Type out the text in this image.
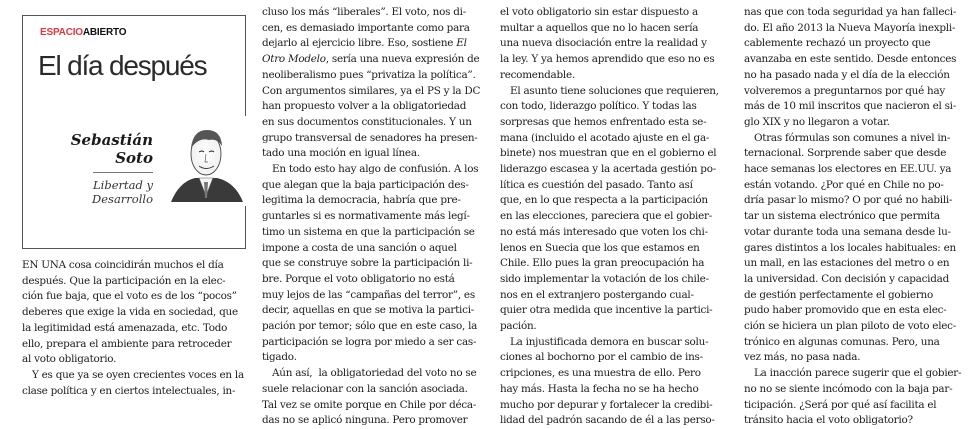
ESPACIOABIERTO
El día después
Sebastián
Soto
Libertad y
Desarrollo

EN UNA cosa coincidirán muchos el día

después. Que la participación en la elec-

ción fue baja, que el voto es de los “pocos”

deberes que exige la vida en sociedad, que

la legitimidad está amenazada, etc. Todo

ello, prepara el ambiente para retroceder

al voto obligatorio.

Y es que ya se oyen crecientes voces en la

clase política y en ciertos intelectuales, in-

cluso los más “liberales”. El voto, nos di-

cen, es demasiado importante como para

dejarlo al ejercicio libre. Eso, sostiene El

Otro Modelo, sería una nueva expresión de

neoliberalismo pues “privatiza la política”.

Con argumentos similares, ya el PS y la DC

han propuesto volver a la obligatoriedad

en sus documentos constitucionales. Y un

grupo transversal de senadores ha presen-

tado una moción en igual línea.

En todo esto hay algo de confusión. A los

que alegan que la baja participación des-

legitima la democracia, habría que pre-

guntarles si es normativamente más legí-

timo un sistema en que la participación se

impone a costa de una sanción o aquel

que se construye sobre la participación li-

bre. Porque el voto obligatorio no está

muy lejos de las “campañas del terror”, es

decir, aquellas en que se motiva la partici-

pación por temor; sólo que en este caso, la

participación se logra por miedo a ser cas-

tigado.

Aún así,  la obligatoriedad del voto no se

suele relacionar con la sanción asociada.

Tal vez se omite porque en Chile por déca-

das no se aplicó ninguna. Pero promover

el voto obligatorio sin estar dispuesto a

multar a aquellos que no lo hacen sería

una nueva disociación entre la realidad y

la ley. Y ya hemos aprendido que eso no es

recomendable.

El asunto tiene soluciones que requieren,

con todo, liderazgo político. Y todas las

sorpresas que hemos enfrentado esta se-

mana (incluido el acotado ajuste en el ga-

binete) nos muestran que en el gobierno el

liderazgo escasea y la acertada gestión po-

lítica es cuestión del pasado. Tanto así

que, en lo que respecta a la participación

en las elecciones, pareciera que el gobier-

no está más interesado que voten los chi-

lenos en Suecia que los que estamos en

Chile. Ello pues la gran preocupación ha

sido implementar la votación de los chile-

nos en el extranjero postergando cual-

quier otra medida que incentive la partici-

pación.

La injustificada demora en buscar solu-

ciones al bochorno por el cambio de ins-

cripciones, es una muestra de ello. Pero

hay más. Hasta la fecha no se ha hecho

mucho por depurar y fortalecer la credibi-

lidad del padrón sacando de él a las perso-

nas que con toda seguridad ya han falleci-

do. El año 2013 la Nueva Mayoría inexpli-

cablemente rechazó un proyecto que

avanzaba en este sentido. Desde entonces

no ha pasado nada y el día de la elección

volveremos a preguntarnos por qué hay

más de 10 mil inscritos que nacieron el si-

glo XIX y no llegaron a votar.

Otras fórmulas son comunes a nivel in-

ternacional. Sorprende saber que desde

hace semanas los electores en EE.UU. ya

están votando. ¿Por qué en Chile no po-

dría pasar lo mismo? O por qué no habili-

tar un sistema electrónico que permita

votar durante toda una semana desde lu-

gares distintos a los locales habituales: en

un mall, en las estaciones del metro o en

la universidad. Con decisión y capacidad

de gestión perfectamente el gobierno

pudo haber promovido que en esta elec-

ción se hiciera un plan piloto de voto elec-

trónico en algunas comunas. Pero, una

vez más, no pasa nada.

La inacción parece sugerir que el gobier-

no no se siente incómodo con la baja par-

ticipación. ¿Será por qué así facilita el

tránsito hacia el voto obligatorio?
